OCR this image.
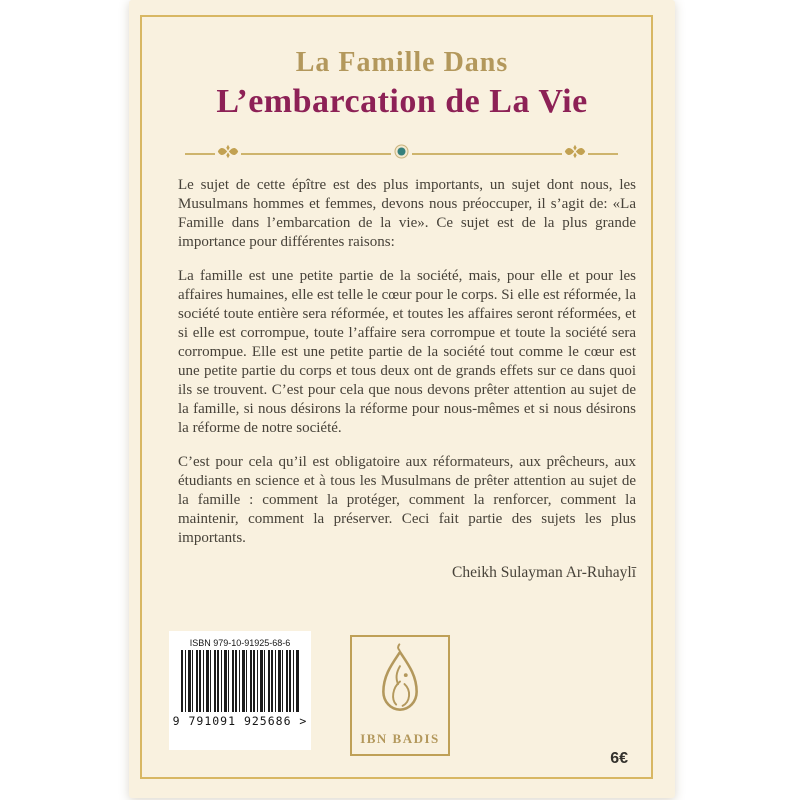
La Famille Dans
L’embarcation de La Vie

Le sujet de cette épître est des plus importants, un sujet dont nous, les Musulmans hommes et femmes, devons nous préoccuper, il s’agit de: «La Famille dans l’embarcation de la vie». Ce sujet est de la plus grande importance pour différentes raisons:

La famille est une petite partie de la société, mais, pour elle et pour les affaires humaines, elle est telle le cœur pour le corps. Si elle est réformée, la société toute entière sera réformée, et toutes les affaires seront réformées, et si elle est corrompue, toute l’affaire sera corrompue et toute la société sera corrompue. Elle est une petite partie de la société tout comme le cœur est une petite partie du corps et tous deux ont de grands effets sur ce dans quoi ils se trouvent. C’est pour cela que nous devons prêter attention au sujet de la famille, si nous désirons la réforme pour nous-mêmes et si nous désirons la réforme de notre société.

C’est pour cela qu’il est obligatoire aux réformateurs, aux prêcheurs, aux étudiants en science et à tous les Musulmans de prêter attention au sujet de la famille : comment la protéger, comment la renforcer, comment la maintenir, comment la préserver. Ceci fait partie des sujets les plus importants.

Cheikh Sulayman Ar-Ruhaylī
ISBN 979-10-91925-68-6
9 791091 925686 >
IBN BADIS
6€
